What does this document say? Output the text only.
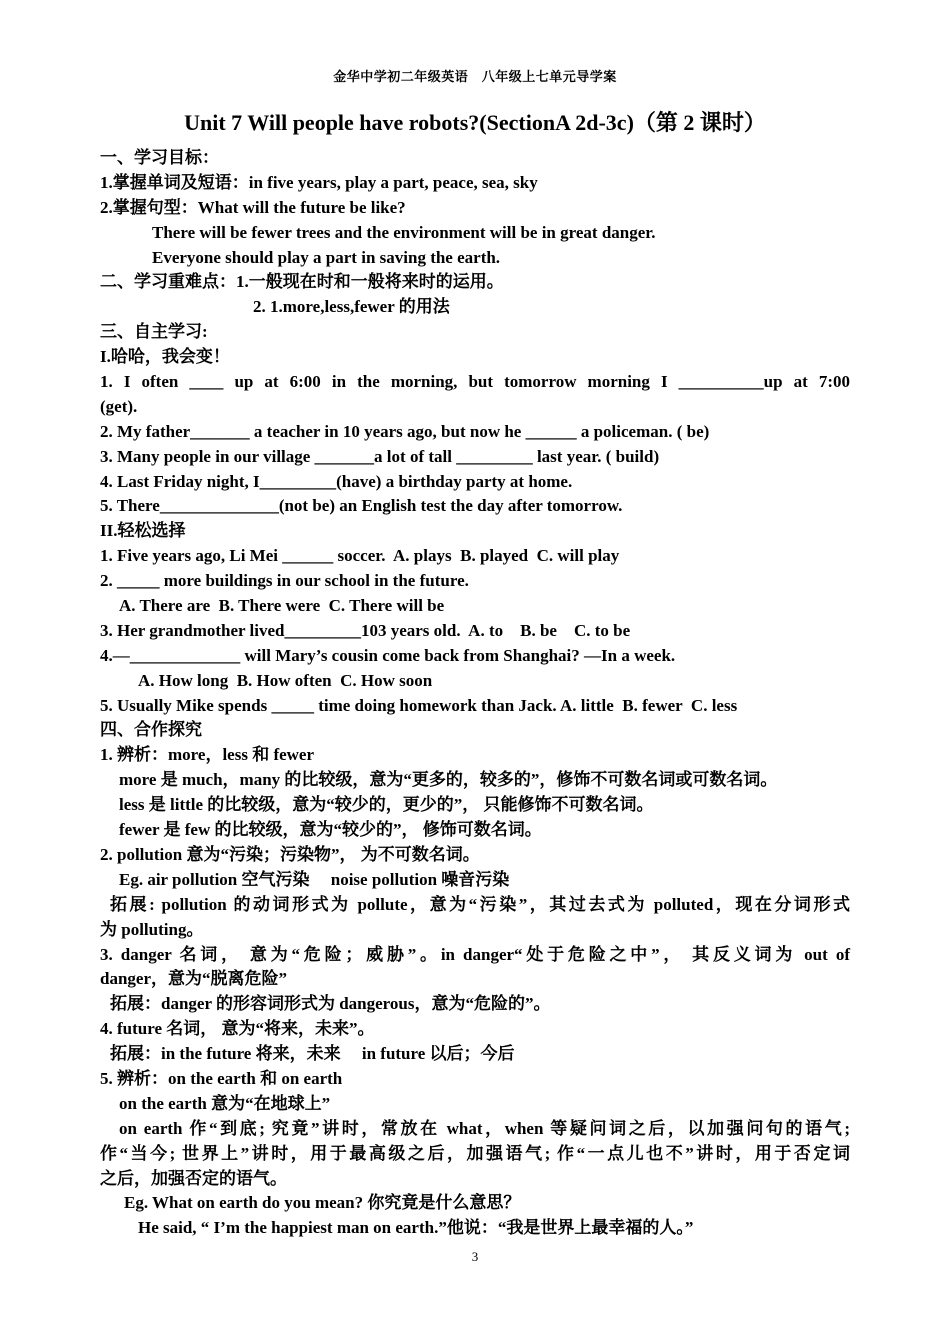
金华中学初二年级英语　八年级上七单元导学案
Unit 7 Will people have robots?(SectionA 2d-3c)（第 2 课时）
一、学习目标：
1.掌握单词及短语：in five years, play a part, peace, sea, sky
2.掌握句型：What will the future be like?
There will be fewer trees and the environment will be in great danger.
Everyone should play a part in saving the earth.
二、学习重难点：1.一般现在时和一般将来时的运用。
2. 1.more,less,fewer 的用法
三、自主学习:
I.哈哈，我会变！
1. I often ____ up at 6:00 in the morning, but tomorrow morning I __________up at 7:00
(get).
2. My father_______ a teacher in 10 years ago, but now he ______ a policeman. ( be)
3. Many people in our village _______a lot of tall _________ last year. ( build)
4. Last Friday night, I_________(have) a birthday party at home.
5. There______________(not be) an English test the day after tomorrow.
II.轻松选择
1. Five years ago, Li Mei ______ soccer.  A. plays  B. played  C. will play
2. _____ more buildings in our school in the future.
A. There are  B. There were  C. There will be
3. Her grandmother lived_________103 years old.  A. to    B. be    C. to be
4.—_____________ will Mary’s cousin come back from Shanghai? —In a week.
A. How long  B. How often  C. How soon
5. Usually Mike spends _____ time doing homework than Jack. A. little  B. fewer  C. less
四、合作探究
1. 辨析：more，less 和 fewer
more 是 much，many 的比较级，意为“更多的，较多的”，修饰不可数名词或可数名词。
less 是 little 的比较级，意为“较少的，更少的”， 只能修饰不可数名词。
fewer 是 few 的比较级，意为“较少的”， 修饰可数名词。
2. pollution 意为“污染；污染物”， 为不可数名词。
Eg. air pollution 空气污染     noise pollution 噪音污染
拓展: pollution 的动词形式为 pollute，意为“污染”，其过去式为 polluted，现在分词形式
为 polluting。
3. danger 名词， 意为“危险；威胁”。in danger“处于危险之中”， 其反义词为 out of
danger，意为“脱离危险”
拓展：danger 的形容词形式为 dangerous，意为“危险的”。
4. future 名词， 意为“将来，未来”。
拓展：in the future 将来，未来     in future 以后；今后
5. 辨析：on the earth 和 on earth
on the earth 意为“在地球上”
on earth 作“到底; 究竟”讲时，常放在 what，when 等疑问词之后，以加强问句的语气;
作“当今; 世界上”讲时，用于最高级之后，加强语气; 作“一点儿也不”讲时，用于否定词
之后，加强否定的语气。
Eg. What on earth do you mean? 你究竟是什么意思？
He said, “ I’m the happiest man on earth.”他说：“我是世界上最幸福的人。”
3
